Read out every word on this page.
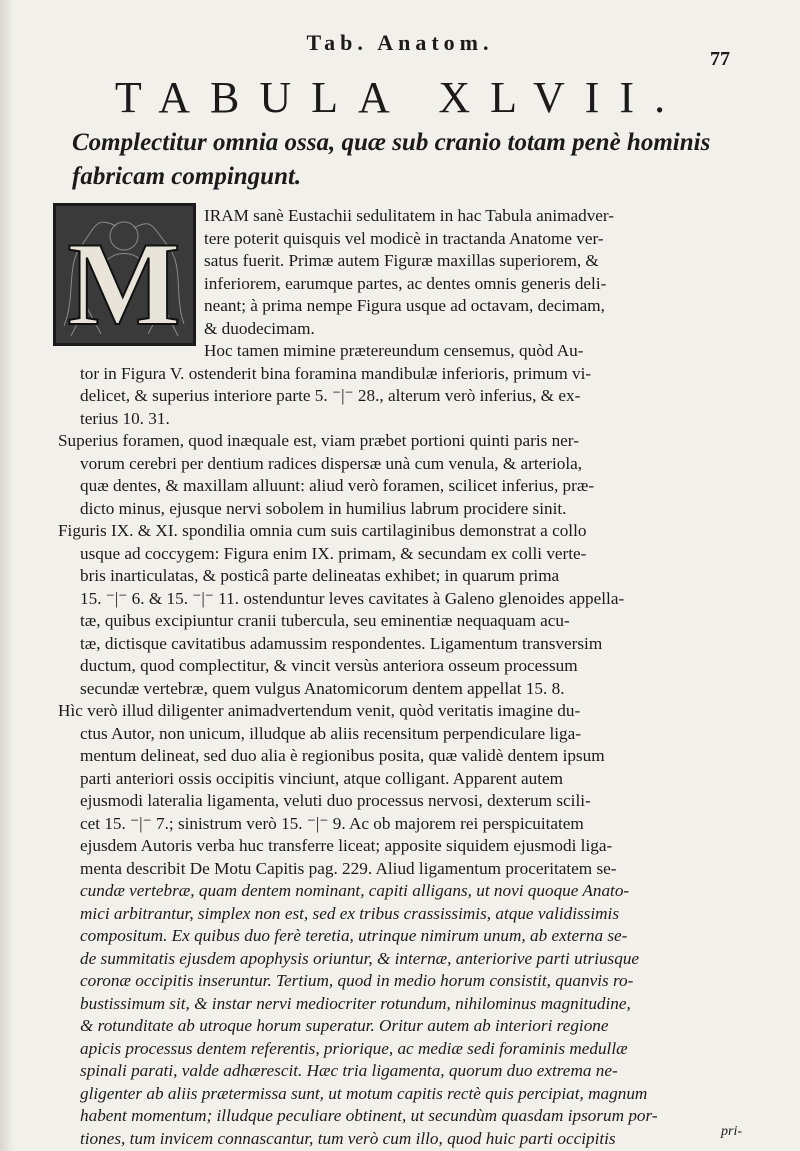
Tab. Anatom.
77
TABULA XLVII.
Complectitur omnia ossa, quæ sub cranio totam penè hominis fabricam compingunt.
M
IRAM sanè Eustachii sedulitatem in hac Tabula animadver-
tere poterit quisquis vel modicè in tractanda Anatome ver-
satus fuerit. Primæ autem Figuræ maxillas superiorem, &
inferiorem, earumque partes, ac dentes omnis generis deli-
neant; à prima nempe Figura usque ad octavam, decimam,
& duodecimam.
Hoc tamen mimine prætereundum censemus, quòd Au-
tor in Figura V. ostenderit bina foramina mandibulæ inferioris, primum vi-
delicet, & superius interiore parte 5. ⁻|⁻ 28., alterum verò inferius, & ex-
terius 10. 31.
Superius foramen, quod inæquale est, viam præbet portioni quinti paris ner-
vorum cerebri per dentium radices dispersæ unà cum venula, & arteriola,
quæ dentes, & maxillam alluunt: aliud verò foramen, scilicet inferius, præ-
dicto minus, ejusque nervi sobolem in humilius labrum procidere sinit.
Figuris IX. & XI. spondilia omnia cum suis cartilaginibus demonstrat a collo
usque ad coccygem: Figura enim IX. primam, & secundam ex colli verte-
bris inarticulatas, & posticâ parte delineatas exhibet; in quarum prima
15. ⁻|⁻ 6. & 15. ⁻|⁻ 11. ostenduntur leves cavitates à Galeno glenoides appella-
tæ, quibus excipiuntur cranii tubercula, seu eminentiæ nequaquam acu-
tæ, dictisque cavitatibus adamussim respondentes. Ligamentum transversim
ductum, quod complectitur, & vincit versùs anteriora osseum processum
secundæ vertebræ, quem vulgus Anatomicorum dentem appellat 15. 8.
Hìc verò illud diligenter animadvertendum venit, quòd veritatis imagine du-
ctus Autor, non unicum, illudque ab aliis recensitum perpendiculare liga-
mentum delineat, sed duo alia è regionibus posita, quæ validè dentem ipsum
parti anteriori ossis occipitis vinciunt, atque colligant. Apparent autem
ejusmodi lateralia ligamenta, veluti duo processus nervosi, dexterum scili-
cet 15. ⁻|⁻ 7.; sinistrum verò 15. ⁻|⁻ 9. Ac ob majorem rei perspicuitatem
ejusdem Autoris verba huc transferre liceat; apposite siquidem ejusmodi liga-
menta describit De Motu Capitis pag. 229. Aliud ligamentum proceritatem se-
cundæ vertebræ, quam dentem nominant, capiti alligans, ut novi quoque Anato-
mici arbitrantur, simplex non est, sed ex tribus crassissimis, atque validissimis
compositum. Ex quibus duo ferè teretia, utrinque nimirum unum, ab externa se-
de summitatis ejusdem apophysis oriuntur, & internæ, anteriorive parti utriusque
coronæ occipitis inseruntur. Tertium, quod in medio horum consistit, quanvis ro-
bustissimum sit, & instar nervi mediocriter rotundum, nihilominus magnitudine,
& rotunditate ab utroque horum superatur. Oritur autem ab interiori regione
apicis processus dentem referentis, priorique, ac mediæ sedi foraminis medullæ
spinali parati, valde adhærescit. Hæc tria ligamenta, quorum duo extrema ne-
gligenter ab aliis prætermissa sunt, ut motum capitis rectè quis percipiat, magnum
habent momentum; illudque peculiare obtinent, ut secundùm quasdam ipsorum por-
tiones, tum invicem connascantur, tum verò cum illo, quod huic parti occipitis	pri-
